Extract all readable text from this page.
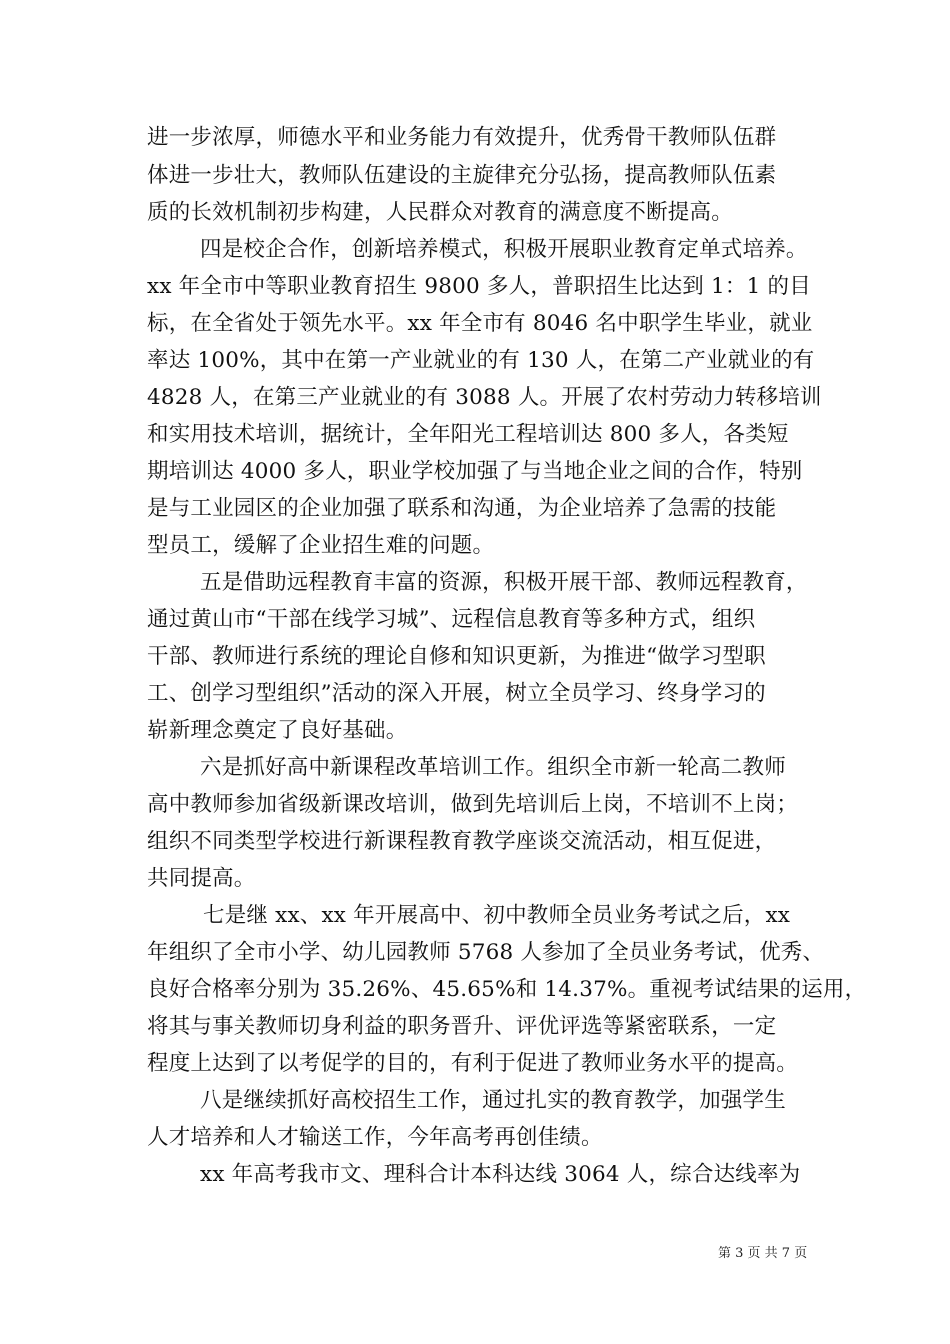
进一步浓厚，师德水平和业务能力有效提升，优秀骨干教师队伍群
体进一步壮大，教师队伍建设的主旋律充分弘扬，提高教师队伍素
质的长效机制初步构建，人民群众对教育的满意度不断提高。
四是校企合作，创新培养模式，积极开展职业教育定单式培养。
xx 年全市中等职业教育招生 9800 多人，普职招生比达到 1：1 的目
标，在全省处于领先水平。xx 年全市有 8046 名中职学生毕业，就业
率达 100%，其中在第一产业就业的有 130 人，在第二产业就业的有
4828 人，在第三产业就业的有 3088 人。开展了农村劳动力转移培训
和实用技术培训，据统计，全年阳光工程培训达 800 多人，各类短
期培训达 4000 多人，职业学校加强了与当地企业之间的合作，特别
是与工业园区的企业加强了联系和沟通，为企业培养了急需的技能
型员工，缓解了企业招生难的问题。
五是借助远程教育丰富的资源，积极开展干部、教师远程教育，
通过黄山市“干部在线学习城”、远程信息教育等多种方式，组织
干部、教师进行系统的理论自修和知识更新，为推进“做学习型职
工、创学习型组织”活动的深入开展，树立全员学习、终身学习的
崭新理念奠定了良好基础。
六是抓好高中新课程改革培训工作。组织全市新一轮高二教师
高中教师参加省级新课改培训，做到先培训后上岗，不培训不上岗；
组织不同类型学校进行新课程教育教学座谈交流活动，相互促进，
共同提高。
七是继 xx、xx 年开展高中、初中教师全员业务考试之后，xx
年组织了全市小学、幼儿园教师 5768 人参加了全员业务考试，优秀、
良好合格率分别为 35.26%、45.65%和 14.37%。重视考试结果的运用，
将其与事关教师切身利益的职务晋升、评优评选等紧密联系，一定
程度上达到了以考促学的目的，有利于促进了教师业务水平的提高。
八是继续抓好高校招生工作，通过扎实的教育教学，加强学生
人才培养和人才输送工作，今年高考再创佳绩。
xx 年高考我市文、理科合计本科达线 3064 人，综合达线率为
第 3 页 共 7 页
